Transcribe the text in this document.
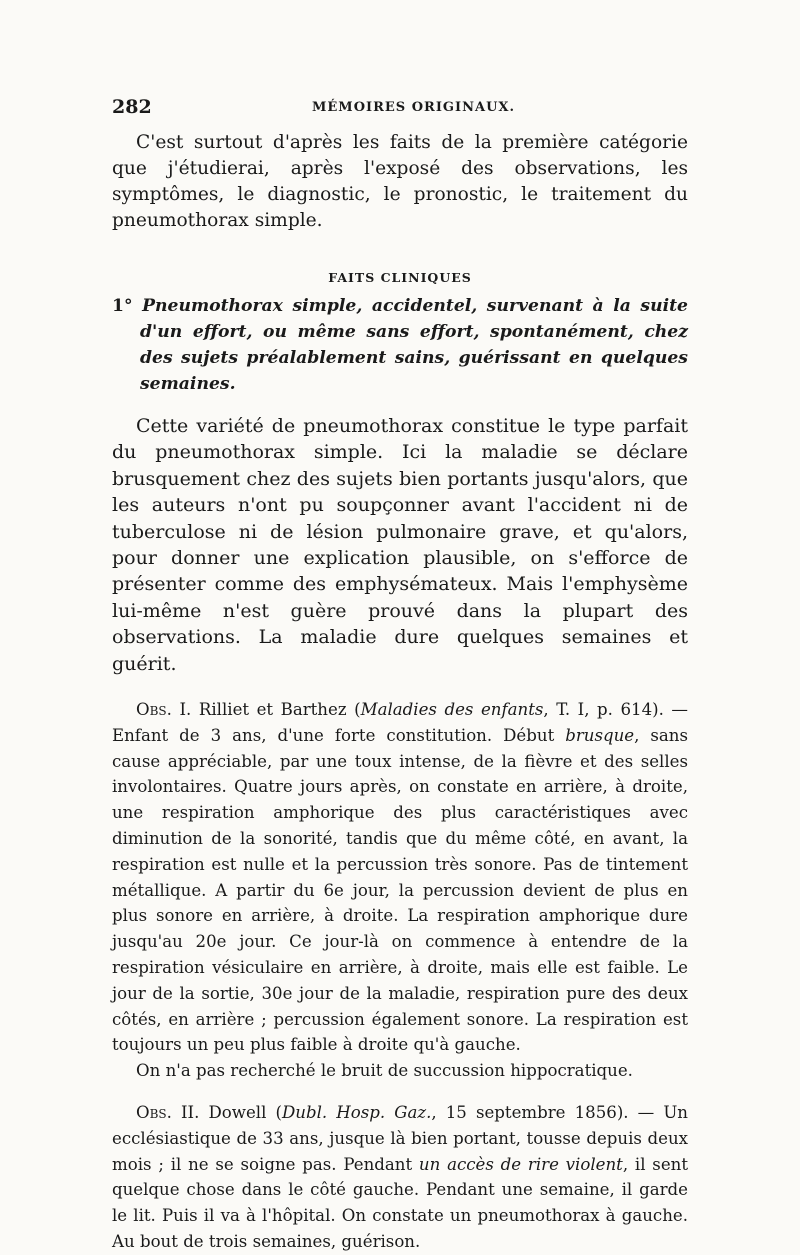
282	MÉMOIRES ORIGINAUX.

C'est surtout d'après les faits de la première catégorie que j'étudierai, après l'exposé des observations, les symptômes, le diagnostic, le pronostic, le traitement du pneumothorax simple.

FAITS CLINIQUES

1° Pneumothorax simple, accidentel, survenant à la suite d'un effort, ou même sans effort, spontanément, chez des sujets préalablement sains, guérissant en quelques semaines.

Cette variété de pneumothorax constitue le type parfait du pneumothorax simple. Ici la maladie se déclare brusquement chez des sujets bien portants jusqu'alors, que les auteurs n'ont pu soupçonner avant l'accident ni de tuberculose ni de lésion pulmonaire grave, et qu'alors, pour donner une explication plausible, on s'efforce de présenter comme des emphysémateux. Mais l'emphysème lui-même n'est guère prouvé dans la plupart des observations. La maladie dure quelques semaines et guérit.

Obs. I. Rilliet et Barthez (Maladies des enfants, T. I, p. 614). — Enfant de 3 ans, d'une forte constitution. Début brusque, sans cause appréciable, par une toux intense, de la fièvre et des selles involontaires. Quatre jours après, on constate en arrière, à droite, une respiration amphorique des plus caractéristiques avec diminution de la sonorité, tandis que du même côté, en avant, la respiration est nulle et la percussion très sonore. Pas de tintement métallique. A partir du 6e jour, la percussion devient de plus en plus sonore en arrière, à droite. La respiration amphorique dure jusqu'au 20e jour. Ce jour-là on commence à entendre de la respiration vésiculaire en arrière, à droite, mais elle est faible. Le jour de la sortie, 30e jour de la maladie, respiration pure des deux côtés, en arrière ; percussion également sonore. La respiration est toujours un peu plus faible à droite qu'à gauche.

On n'a pas recherché le bruit de succussion hippocratique.

Obs. II. Dowell (Dubl. Hosp. Gaz., 15 septembre 1856). — Un ecclésiastique de 33 ans, jusque là bien portant, tousse depuis deux mois ; il ne se soigne pas. Pendant un accès de rire violent, il sent quelque chose dans le côté gauche. Pendant une semaine, il garde le lit. Puis il va à l'hôpital. On constate un pneumothorax à gauche. Au bout de trois semaines, guérison.
